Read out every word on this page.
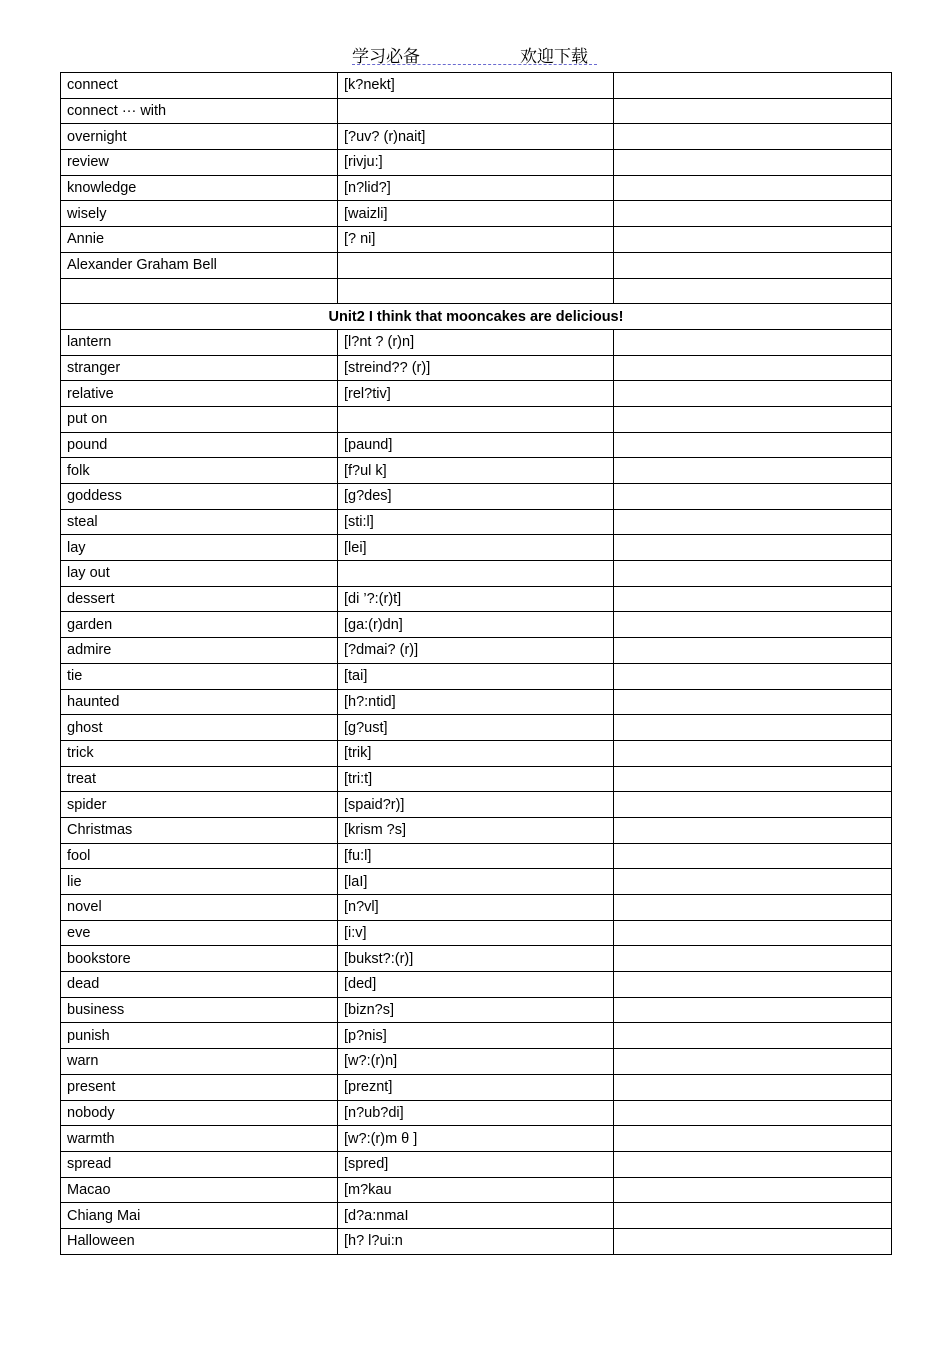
学习必备	欢迎下载
connect	[k?nekt]	
connect ··· with		
overnight	[?uv? (r)nait]	
review	[rivju:]	
knowledge	[n?lid?]	
wisely	[waizli]	
Annie	[? ni]	
Alexander Graham Bell		

Unit2 I think that mooncakes are delicious!		
lantern	[l?nt ? (r)n]	
stranger	[streind?? (r)]	
relative	[rel?tiv]	
put on		
pound	[paund]	
folk	[f?ul k]	
goddess	[g?des]	
steal	[sti:l]	
lay	[lei]	
lay out		
dessert	[di ’?:(r)t]	
garden	[ga:(r)dn]	
admire	[?dmai? (r)]	
tie	[tai]	
haunted	[h?:ntid]	
ghost	[g?ust]	
trick	[trik]	
treat	[tri:t]	
spider	[spaid?r)]	
Christmas	[krism ?s]	
fool	[fu:l]	
lie	[laI]	
novel	[n?vl]	
eve	[i:v]	
bookstore	[bukst?:(r)]	
dead	[ded]	
business	[bizn?s]	
punish	[p?nis]	
warn	[w?:(r)n]	
present	[preznt]	
nobody	[n?ub?di]	
warmth	[w?:(r)m θ ]	
spread	[spred]	
Macao	[m?kau	
Chiang Mai	[d?a:nmaI	
Halloween	[h? l?ui:n	
